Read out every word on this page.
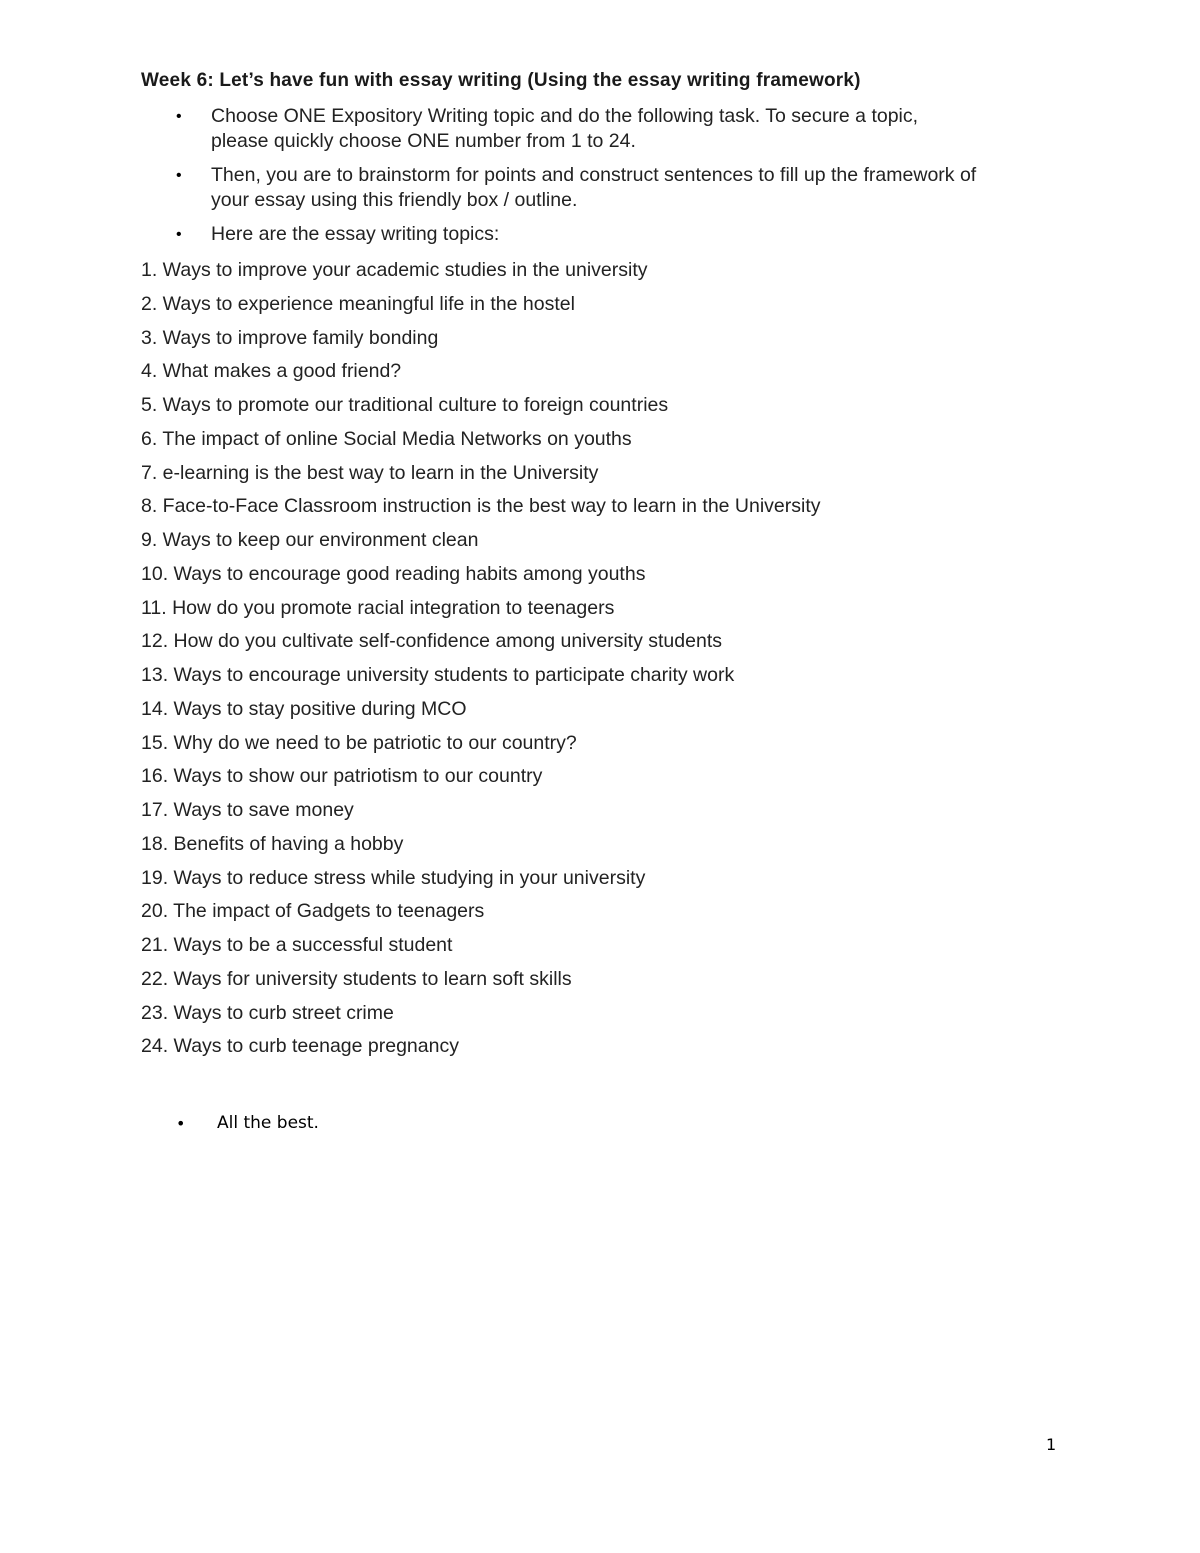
Week 6: Let’s have fun with essay writing (Using the essay writing framework)
• Choose ONE Expository Writing topic and do the following task. To secure a topic,
please quickly choose ONE number from 1 to 24.
• Then, you are to brainstorm for points and construct sentences to fill up the framework of
your essay using this friendly box / outline.
• Here are the essay writing topics:
1. Ways to improve your academic studies in the university
2. Ways to experience meaningful life in the hostel
3. Ways to improve family bonding
4. What makes a good friend?
5. Ways to promote our traditional culture to foreign countries
6. The impact of online Social Media Networks on youths
7. e-learning is the best way to learn in the University
8. Face-to-Face Classroom instruction is the best way to learn in the University
9. Ways to keep our environment clean
10. Ways to encourage good reading habits among youths
11. How do you promote racial integration to teenagers
12. How do you cultivate self-confidence among university students
13. Ways to encourage university students to participate charity work
14. Ways to stay positive during MCO
15. Why do we need to be patriotic to our country?
16. Ways to show our patriotism to our country
17. Ways to save money
18. Benefits of having a hobby
19. Ways to reduce stress while studying in your university
20. The impact of Gadgets to teenagers
21. Ways to be a successful student
22. Ways for university students to learn soft skills
23. Ways to curb street crime
24. Ways to curb teenage pregnancy
• All the best.
1
